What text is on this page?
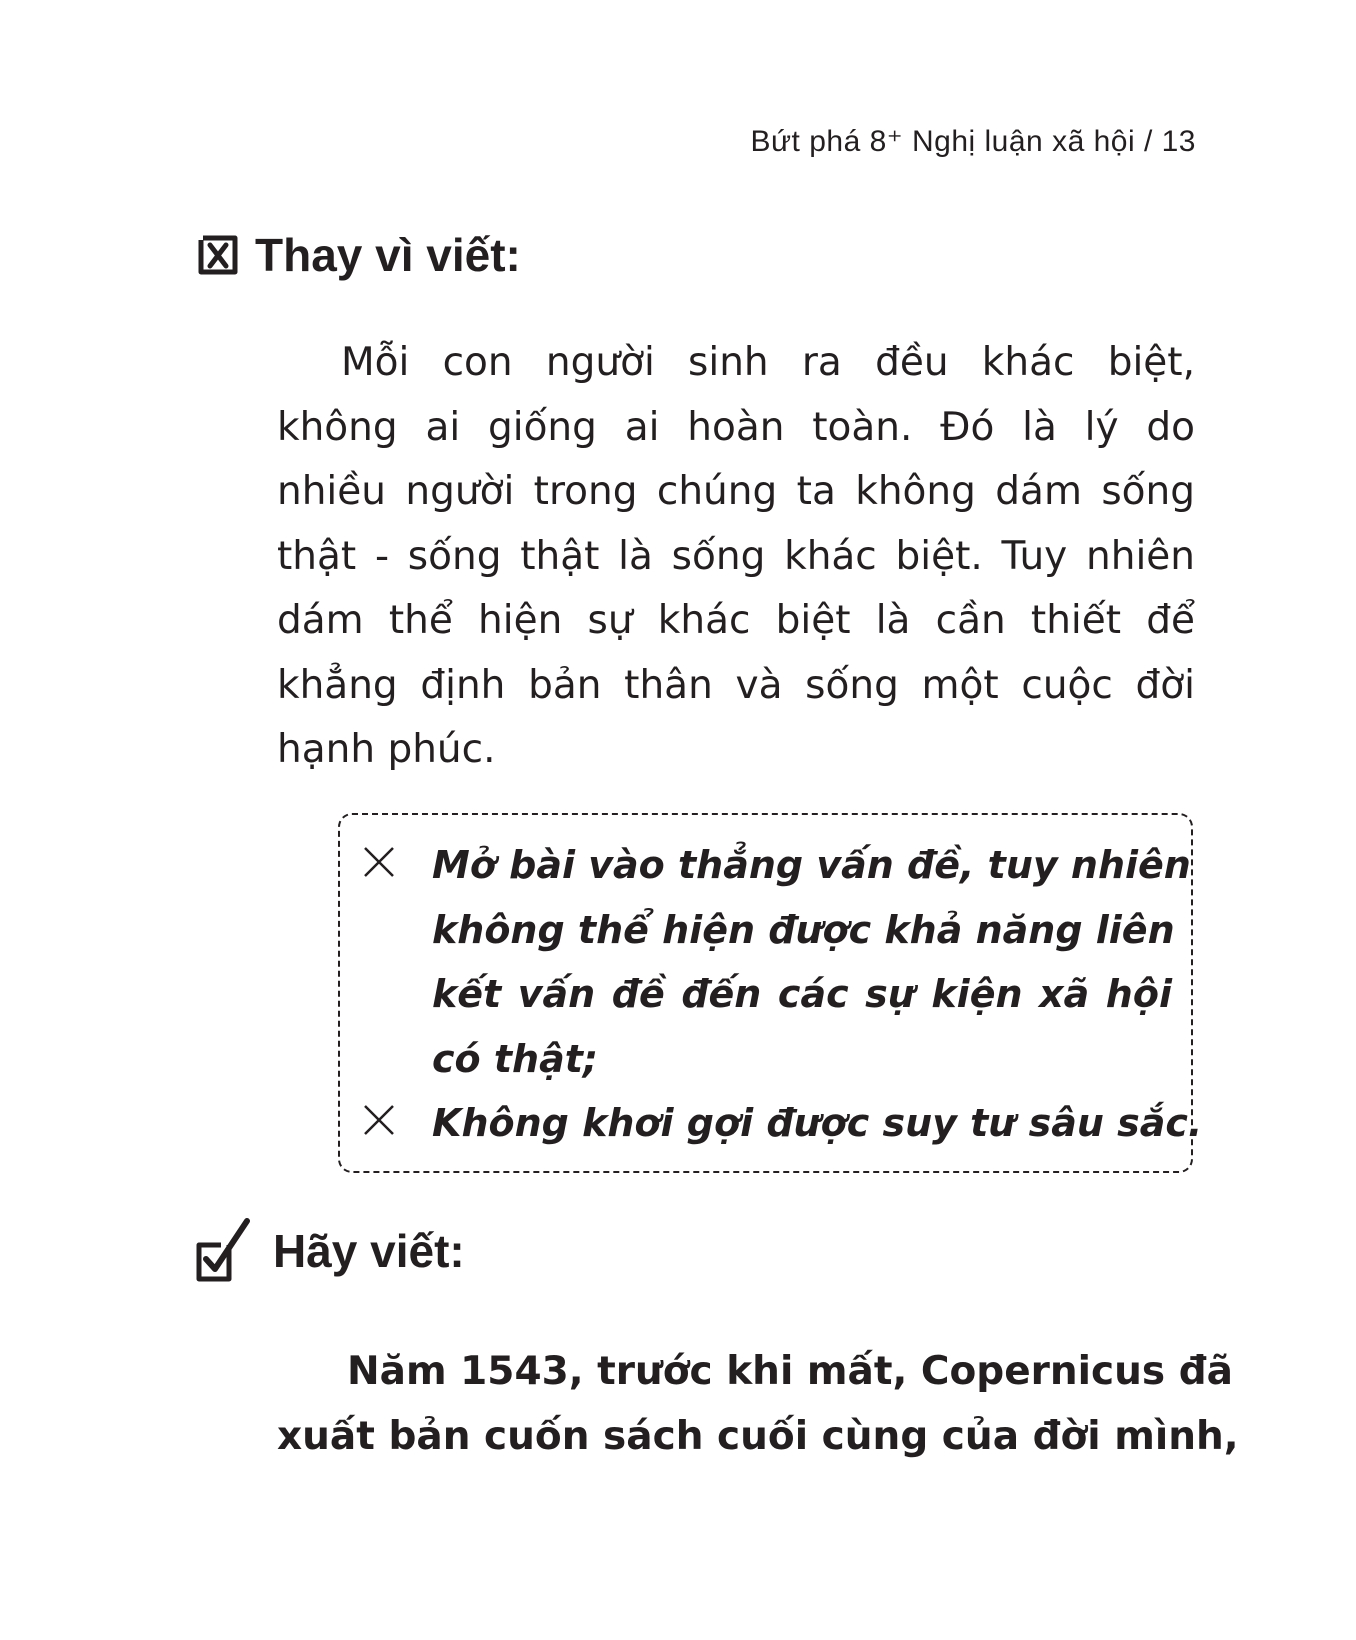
Bứt phá 8⁺ Nghị luận xã hội / 13
Thay vì viết:
Mỗi con người sinh ra đều khác biệt,
không ai giống ai hoàn toàn. Đó là lý do
nhiều người trong chúng ta không dám sống
thật - sống thật là sống khác biệt. Tuy nhiên
dám thể hiện sự khác biệt là cần thiết để
khẳng định bản thân và sống một cuộc đời
hạnh phúc.
Mở bài vào thẳng vấn đề, tuy nhiên
không thể hiện được khả năng liên
kết vấn đề đến các sự kiện xã hội
có thật;
Không khơi gợi được suy tư sâu sắc.
Hãy viết:
Năm 1543, trước khi mất, Copernicus đã
xuất bản cuốn sách cuối cùng của đời mình,
